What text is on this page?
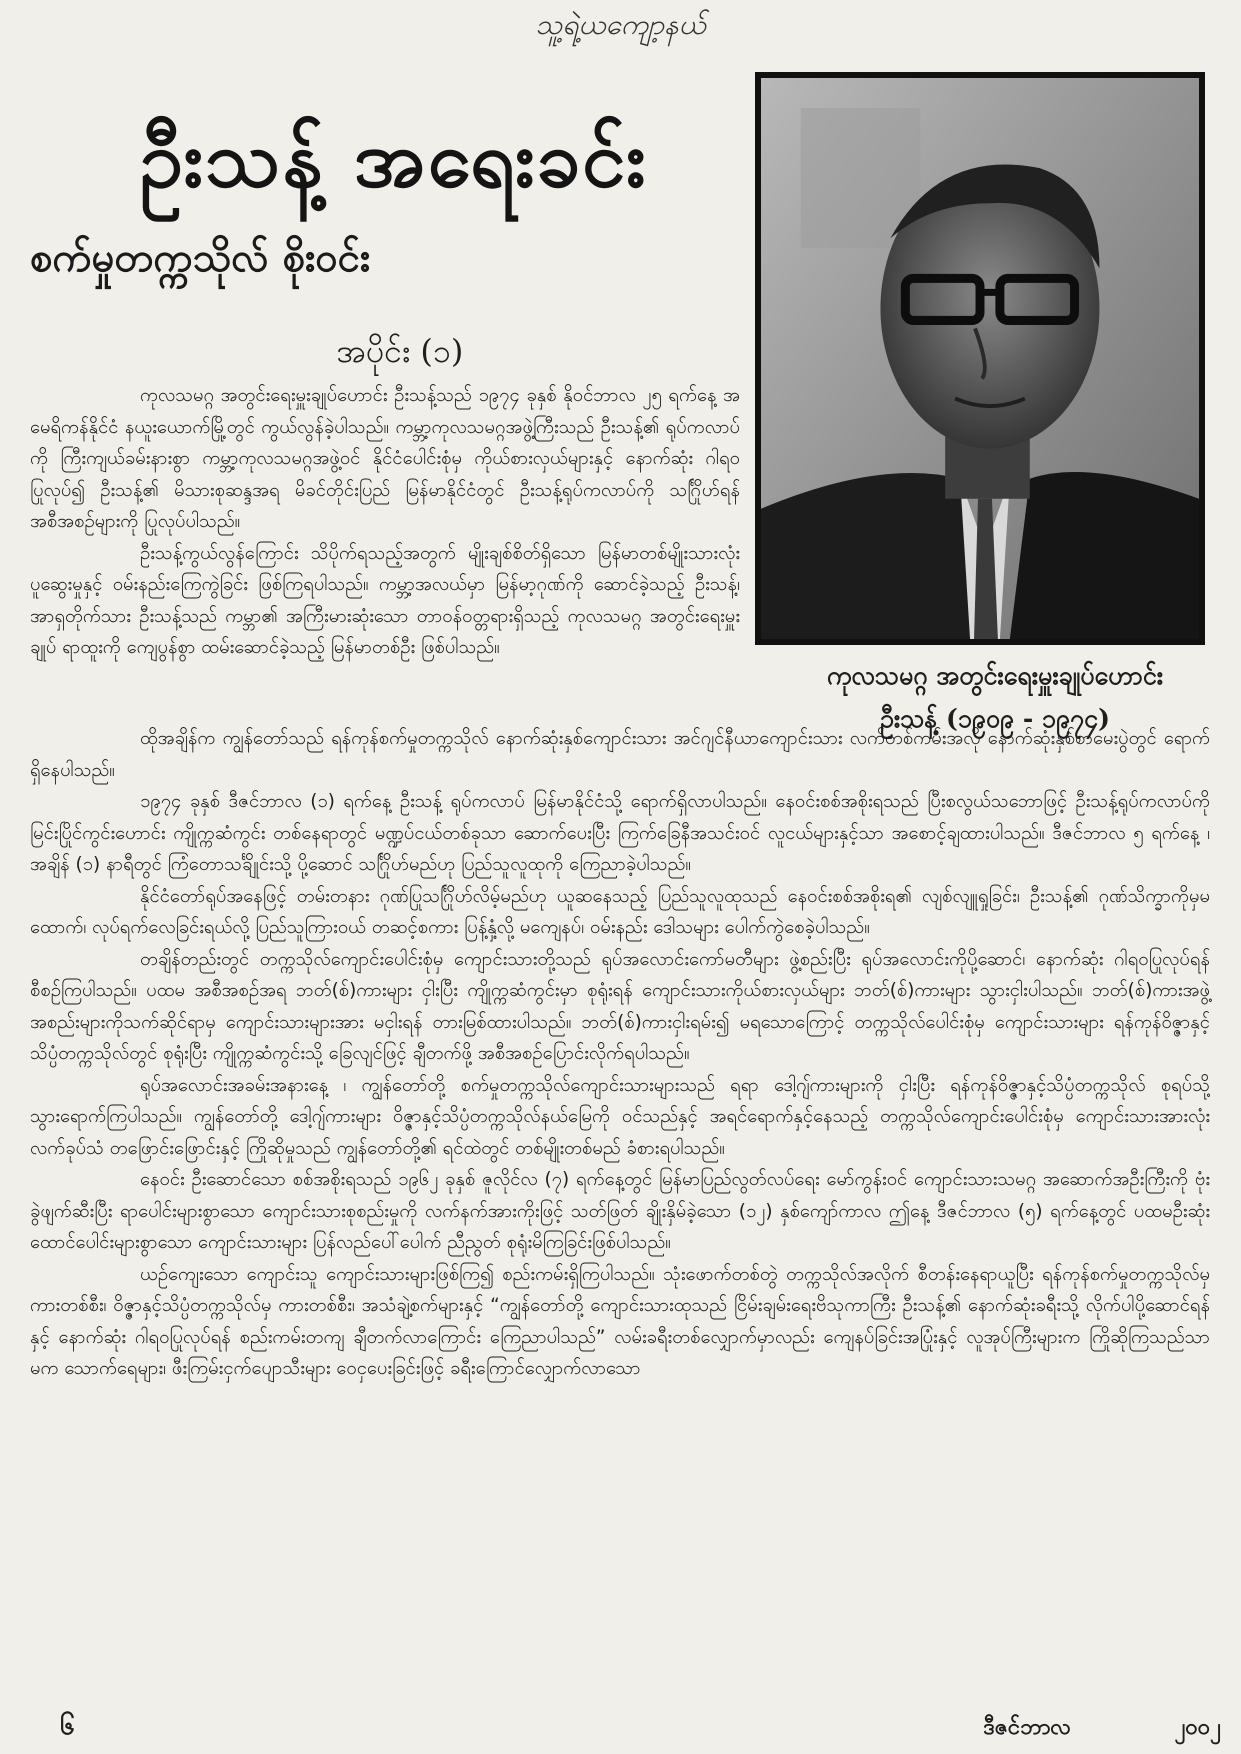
သူ့ရဲ့ယကျော့နယ်
ဦးသန့် အရေးခင်း
စက်မှုတက္ကသိုလ် စိုးဝင်း
ကုလသမဂ္ဂ အတွင်းရေးမှူးချုပ်ဟောင်း
ဦးသန့် (၁၉၀၉ - ၁၉၇၄)
အပိုင်း (၁)

ကုလသမဂ္ဂ အတွင်းရေးမှူးချုပ်ဟောင်း ဦးသန့်သည် ၁၉၇၄ ခုနှစ် နိုဝင်ဘာလ ၂၅ ရက်နေ့ အမေရိကန်နိုင်ငံ နယူးယောက်မြို့တွင် ကွယ်လွန်ခဲ့ပါသည်။ ကမ္ဘာ့ကုလသမဂ္ဂအဖွဲ့ကြီးသည် ဦးသန့်၏ ရုပ်ကလာပ်ကို ကြီးကျယ်ခမ်းနားစွာ ကမ္ဘာ့ကုလသမဂ္ဂအဖွဲ့ဝင် နိုင်ငံပေါင်းစုံမှ ကိုယ်စားလှယ်များနှင့် နောက်ဆုံး ဂါရဝ ပြုလုပ်၍ ဦးသန့်၏ မိသားစုဆန္ဒအရ မိခင်တိုင်းပြည် မြန်မာနိုင်ငံတွင် ဦးသန့်ရုပ်ကလာပ်ကို သင်္ဂြိုဟ်ရန် အစီအစဉ်များကို ပြုလုပ်ပါသည်။

ဦးသန့်ကွယ်လွန်ကြောင်း သိပိုက်ရသည့်အတွက် မျိုးချစ်စိတ်ရှိသော မြန်မာတစ်မျိုးသားလုံး ပူဆွေးမှုနှင့် ဝမ်းနည်းကြေကွဲခြင်း ဖြစ်ကြရပါသည်။ ကမ္ဘာ့အလယ်မှာ မြန်မာ့ဂုဏ်ကို ဆောင်ခဲ့သည့် ဦးသန့်၊ အာရှတိုက်သား ဦးသန့်သည် ကမ္ဘာ၏ အကြီးမားဆုံးသော တာဝန်ဝတ္တရားရှိသည့် ကုလသမဂ္ဂ အတွင်းရေးမှူးချုပ် ရာထူးကို ကျေပွန်စွာ ထမ်းဆောင်ခဲ့သည့် မြန်မာတစ်ဦး ဖြစ်ပါသည်။

ထိုအချိန်က ကျွန်တော်သည် ရန်ကုန်စက်မှုတက္ကသိုလ် နောက်ဆုံးနှစ်ကျောင်းသား အင်ဂျင်နီယာကျောင်းသား လက်တစ်ကမ်းအလို နောက်ဆုံးနှစ်စာမေးပွဲတွင် ရောက်ရှိနေပါသည်။

၁၉၇၄ ခုနှစ် ဒီဇင်ဘာလ (၁) ရက်နေ့ ဦးသန့် ရုပ်ကလာပ် မြန်မာနိုင်ငံသို့ ရောက်ရှိလာပါသည်။ နေဝင်းစစ်အစိုးရသည် ပြီးစလွယ်သဘောဖြင့် ဦးသန့်ရုပ်ကလာပ်ကို မြင်းပြိုင်ကွင်းဟောင်း ကျိုက္ကဆံကွင်း တစ်နေရာတွင် မဏ္ဍပ်ငယ်တစ်ခုသာ ဆောက်ပေးပြီး ကြက်ခြေနီအသင်းဝင် လူငယ်များနှင့်သာ အစောင့်ချထားပါသည်။ ဒီဇင်ဘာလ ၅ ရက်နေ့ ၊ အချိန် (၁) နာရီတွင် ကြံတောသင်္ချိုင်းသို့ ပို့ဆောင် သင်္ဂြိုဟ်မည်ဟု ပြည်သူလူထုကို ကြေညာခဲ့ပါသည်။

နိုင်ငံတော်ရုပ်အနေဖြင့် တမ်းတနား ဂုဏ်ပြုသင်္ဂြိုဟ်လိမ့်မည်ဟု ယူဆနေသည့် ပြည်သူလူထုသည် နေဝင်းစစ်အစိုးရ၏ လျစ်လျူရှုခြင်း၊ ဦးသန့်၏ ဂုဏ်သိက္ခာကိုမှမထောက်၊ လုပ်ရက်လေခြင်းရယ်လို့ ပြည်သူကြားဝယ် တဆင့်စကား ပြန့်နှံ့လို့ မကျေနပ်၊ ဝမ်းနည်း ဒေါသများ ပေါက်ကွဲစေခဲ့ပါသည်။

တချိန်တည်းတွင် တက္ကသိုလ်ကျောင်းပေါင်းစုံမှ ကျောင်းသားတို့သည် ရုပ်အလောင်းကော်မတီများ ဖွဲ့စည်းပြီး ရုပ်အလောင်းကိုပို့ဆောင်၊ နောက်ဆုံး ဂါရဝပြုလုပ်ရန် စီစဉ်ကြပါသည်။ ပထမ အစီအစဉ်အရ ဘတ်(စ်)ကားများ ငှါးပြီး ကျိုက္ကဆံကွင်းမှာ စုရုံးရန် ကျောင်းသားကိုယ်စားလှယ်များ ဘတ်(စ်)ကားများ သွားငှါးပါသည်။ ဘတ်(စ်)ကားအဖွဲ့အစည်းများကိုသက်ဆိုင်ရာမှ ကျောင်းသားများအား မငှါးရန် တားမြစ်ထားပါသည်။ ဘတ်(စ်)ကားငှါးရမ်း၍ မရသောကြောင့် တက္ကသိုလ်ပေါင်းစုံမှ ကျောင်းသားများ ရန်ကုန်ဝိဇ္ဇာနှင့် သိပ္ပံတက္ကသိုလ်တွင် စုရုံးပြီး ကျိုက္ကဆံကွင်းသို့ ခြေလျင်ဖြင့် ချီတက်ဖို့ အစီအစဉ်ပြောင်းလိုက်ရပါသည်။

ရုပ်အလောင်းအခမ်းအနားနေ့ ၊ ကျွန်တော်တို့ စက်မှုတက္ကသိုလ်ကျောင်းသားများသည် ရရာ ဒေါ့ဂျ်ကားများကို ငှါးပြီး ရန်ကုန်ဝိဇ္ဇာနှင့်သိပ္ပံတက္ကသိုလ် စုရပ်သို့ သွားရောက်ကြပါသည်။ ကျွန်တော်တို့ ဒေါ့ဂျ်ကားများ ဝိဇ္ဇာနှင့်သိပ္ပံတက္ကသိုလ်နယ်မြေကို ဝင်သည်နှင့် အရင်ရောက်နှင့်နေသည့် တက္ကသိုလ်ကျောင်းပေါင်းစုံမှ ကျောင်းသားအားလုံး လက်ခုပ်သံ တဖြောင်းဖြောင်းနှင့် ကြိုဆိုမှုသည် ကျွန်တော်တို့၏ ရင်ထဲတွင် တစ်မျိုးတစ်မည် ခံစားရပါသည်။

နေဝင်း ဦးဆောင်သော စစ်အစိုးရသည် ၁၉၆၂ ခုနှစ် ဇူလိုင်လ (၇) ရက်နေ့တွင် မြန်မာပြည်လွတ်လပ်ရေး မော်ကွန်းဝင် ကျောင်းသားသမဂ္ဂ အဆောက်အဦးကြီးကို ဗုံးခွဲဖျက်ဆီးပြီး ရာပေါင်းများစွာသော ကျောင်းသားစုစည်းမှုကို လက်နက်အားကိုးဖြင့် သတ်ဖြတ် ချိုးနှိမ်ခဲ့သော (၁၂) နှစ်ကျော်ကာလ ဤနေ့ ဒီဇင်ဘာလ (၅) ရက်နေ့တွင် ပထမဦးဆုံး ထောင်ပေါင်းများစွာသော ကျောင်းသားများ ပြန်လည်ပေါ်ပေါက် ညီညွတ် စုရုံးမိကြခြင်းဖြစ်ပါသည်။

ယဉ်ကျေးသော ကျောင်းသူ ကျောင်းသားများဖြစ်ကြ၍ စည်းကမ်းရှိကြပါသည်။ သုံးဖောက်တစ်တွဲ တက္ကသိုလ်အလိုက် စီတန်းနေရာယူပြီး ရန်ကုန်စက်မှုတက္ကသိုလ်မှ ကားတစ်စီး၊ ဝိဇ္ဇာနှင့်သိပ္ပံတက္ကသိုလ်မှ ကားတစ်စီး၊ အသံချဲ့စက်များနှင့် “ကျွန်တော်တို့ ကျောင်းသားထုသည် ငြိမ်းချမ်းရေးဗိသုကာကြီး ဦးသန့်၏ နောက်ဆုံးခရီးသို့ လိုက်ပါပို့ဆောင်ရန်နှင့် နောက်ဆုံး ဂါရဝပြုလုပ်ရန် စည်းကမ်းတကျ ချီတက်လာကြောင်း ကြေညာပါသည်” လမ်းခရီးတစ်လျှောက်မှာလည်း ကျေနပ်ခြင်းအပြုံးနှင့် လူအုပ်ကြီးများက ကြိုဆိုကြသည်သာမက သောက်ရေများ၊ ဖီးကြမ်းငှက်ပျောသီးများ ဝေငှပေးခြင်းဖြင့် ခရီးကြောင်လျှောက်လာသော

၆	ဒီဇင်ဘာလ	၂၀၀၂
